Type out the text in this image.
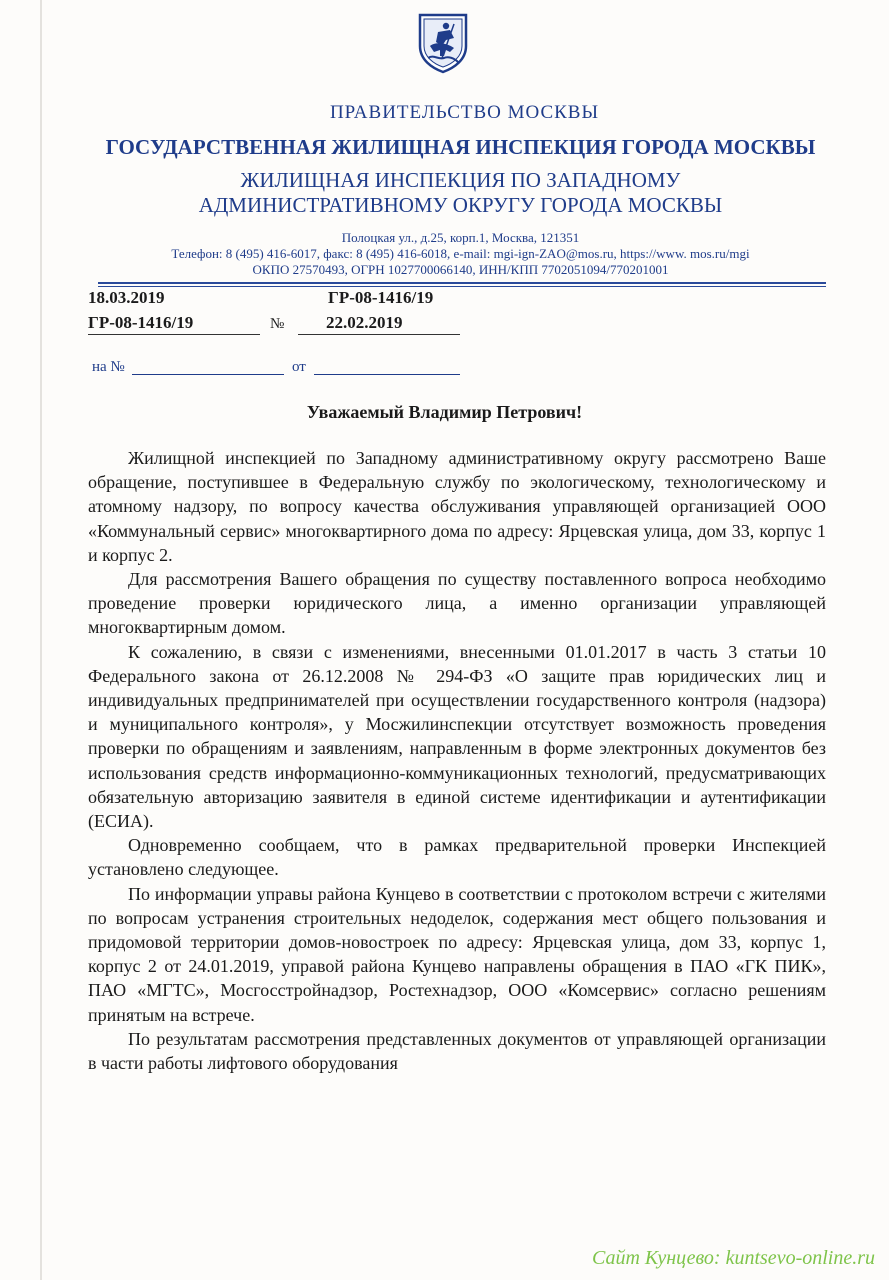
ПРАВИТЕЛЬСТВО МОСКВЫ
ГОСУДАРСТВЕННАЯ ЖИЛИЩНАЯ ИНСПЕКЦИЯ ГОРОДА МОСКВЫ
ЖИЛИЩНАЯ ИНСПЕКЦИЯ ПО ЗАПАДНОМУ
АДМИНИСТРАТИВНОМУ ОКРУГУ ГОРОДА МОСКВЫ
Полоцкая ул., д.25, корп.1, Москва, 121351
Телефон: 8 (495) 416-6017, факс: 8 (495) 416-6018, e-mail: mgi-ign-ZAO@mos.ru, https://www. mos.ru/mgi
ОКПО 27570493, ОГРН 1027700066140, ИНН/КПП 7702051094/770201001
18.03.2019	ГР-08-1416/19
ГР-08-1416/19	№ 22.02.2019
на №	от
Уважаемый Владимир Петрович!

Жилищной инспекцией по Западному административному округу рассмотрено Ваше обращение, поступившее в Федеральную службу по экологическому, технологическому и атомному надзору, по вопросу качества обслуживания управляющей организацией ООО «Коммунальный сервис» многоквартирного дома по адресу: Ярцевская улица, дом 33, корпус 1 и корпус 2.

Для рассмотрения Вашего обращения по существу поставленного вопроса необходимо проведение проверки юридического лица, а именно организации управляющей многоквартирным домом.

К сожалению, в связи с изменениями, внесенными 01.01.2017 в часть 3 статьи 10 Федерального закона от 26.12.2008 № 294-ФЗ «О защите прав юридических лиц и индивидуальных предпринимателей при осуществлении государственного контроля (надзора) и муниципального контроля», у Мосжилинспекции отсутствует возможность проведения проверки по обращениям и заявлениям, направленным в форме электронных документов без использования средств информационно-коммуникационных технологий, предусматривающих обязательную авторизацию заявителя в единой системе идентификации и аутентификации (ЕСИА).

Одновременно сообщаем, что в рамках предварительной проверки Инспекцией установлено следующее.

По информации управы района Кунцево в соответствии с протоколом встречи с жителями по вопросам устранения строительных недоделок, содержания мест общего пользования и придомовой территории домов-новостроек по адресу: Ярцевская улица, дом 33, корпус 1, корпус 2 от 24.01.2019, управой района Кунцево направлены обращения в ПАО «ГК ПИК», ПАО «МГТС», Мосгосстройнадзор, Ростехнадзор, ООО «Комсервис» согласно решениям принятым на встрече.

По результатам рассмотрения представленных документов от управляющей организации в части работы лифтового оборудования

Сайт Кунцево: kuntsevo-online.ru
